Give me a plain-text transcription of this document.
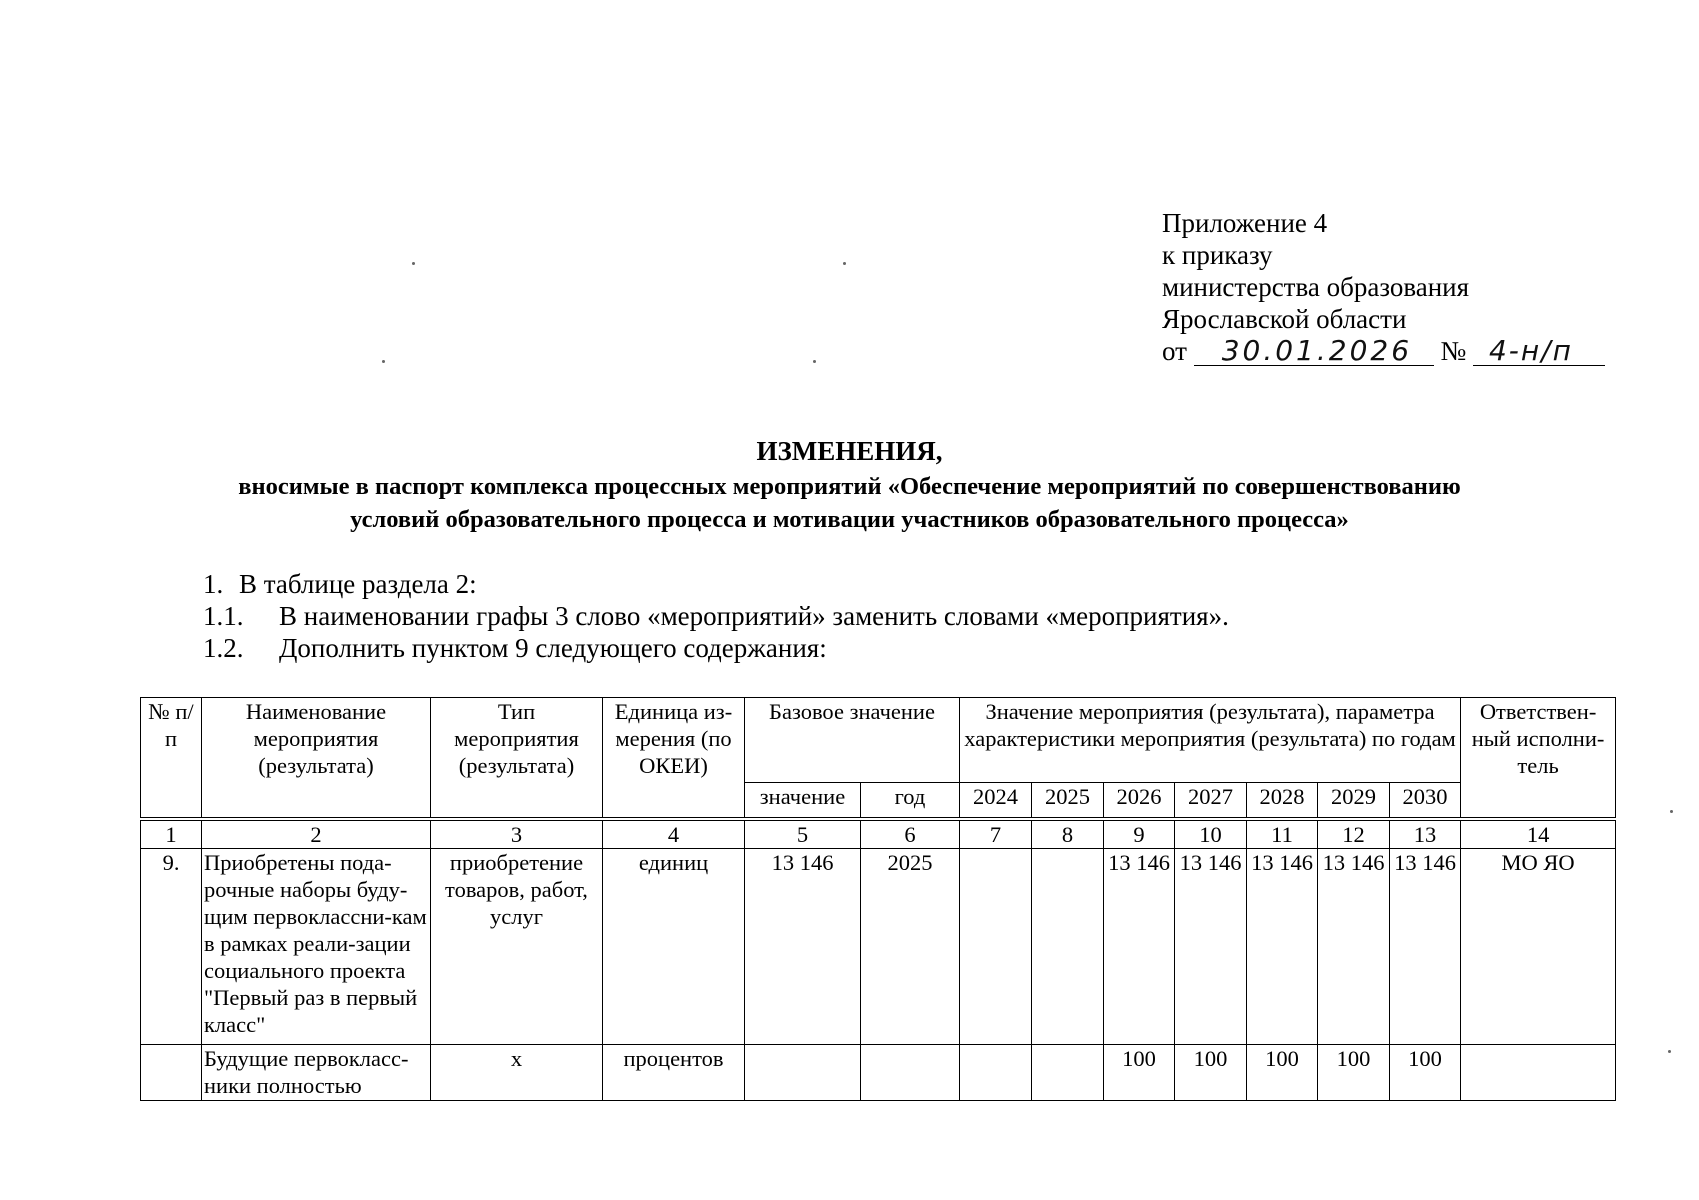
Приложение 4
к приказу
министерства образования
Ярославской области
от 30.01.2026 № 4-н/п
ИЗМЕНЕНИЯ,
вносимые в паспорт комплекса процессных мероприятий «Обеспечение мероприятий по совершенствованию
условий образовательного процесса и мотивации участников образовательного процесса»
1. В таблице раздела 2:
1.1. В наименовании графы 3 слово «мероприятий» заменить словами «мероприятия».
1.2. Дополнить пунктом 9 следующего содержания:
№ п/п	Наименование мероприятия (результата)	Тип мероприятия (результата)	Единица из-мерения (по ОКЕИ)	Базовое значение		Значение мероприятия (результата), параметра характеристики мероприятия (результата) по годам							Ответствен-ный исполни-тель
				значение	год	2024	2025	2026	2027	2028	2029	2030	

1	2	3	4	5	6	7	8	9	10	11	12	13	14
9.	Приобретены пода-рочные наборы буду-щим первоклассни-кам в рамках реали-зации социального проекта "Первый раз в первый класс"	приобретение товаров, работ, услуг	единиц	13 146	2025			13 146	13 146	13 146	13 146	13 146	МО ЯО
	Будущие первокласс-ники полностью	х	процентов					100	100	100	100	100	
